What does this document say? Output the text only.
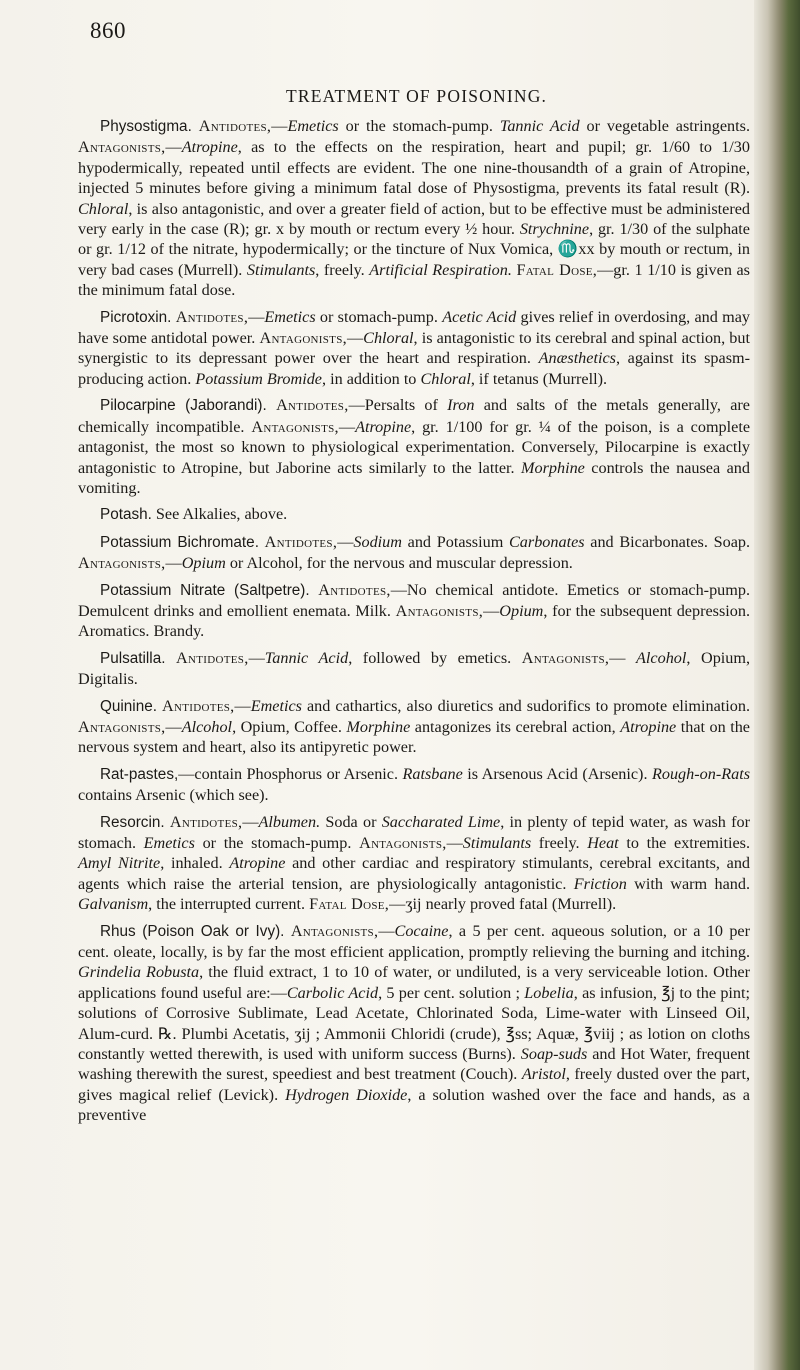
860
TREATMENT OF POISONING.

Physostigma. Antidotes,—Emetics or the stomach-pump. Tannic Acid or vegetable astringents. Antagonists,—Atropine, as to the effects on the respiration, heart and pupil; gr. 1/60 to 1/30 hypodermically, repeated until effects are evident. The one nine-thousandth of a grain of Atropine, injected 5 minutes before giving a minimum fatal dose of Physostigma, prevents its fatal result (R). Chloral, is also antagonistic, and over a greater field of action, but to be effective must be administered very early in the case (R); gr. x by mouth or rectum every ½ hour. Strychnine, gr. 1/30 of the sulphate or gr. 1/12 of the nitrate, hypodermically; or the tincture of Nux Vomica, ♏xx by mouth or rectum, in very bad cases (Murrell). Stimulants, freely. Artificial Respiration. Fatal Dose,—gr. 1 1/10 is given as the minimum fatal dose.

Picrotoxin. Antidotes,—Emetics or stomach-pump. Acetic Acid gives relief in overdosing, and may have some antidotal power. Antagonists,—Chloral, is antagonistic to its cerebral and spinal action, but synergistic to its depressant power over the heart and respiration. Anæsthetics, against its spasm-producing action. Potassium Bromide, in addition to Chloral, if tetanus (Murrell).

Pilocarpine (Jaborandi). Antidotes,—Persalts of Iron and salts of the metals generally, are chemically incompatible. Antagonists,—Atropine, gr. 1/100 for gr. ¼ of the poison, is a complete antagonist, the most so known to physiological experimentation. Conversely, Pilocarpine is exactly antagonistic to Atropine, but Jaborine acts similarly to the latter. Morphine controls the nausea and vomiting.

Potash. See Alkalies, above.

Potassium Bichromate. Antidotes,—Sodium and Potassium Carbonates and Bicarbonates. Soap. Antagonists,—Opium or Alcohol, for the nervous and muscular depression.

Potassium Nitrate (Saltpetre). Antidotes,—No chemical antidote. Emetics or stomach-pump. Demulcent drinks and emollient enemata. Milk. Antagonists,—Opium, for the subsequent depression. Aromatics. Brandy.

Pulsatilla. Antidotes,—Tannic Acid, followed by emetics. Antagonists,— Alcohol, Opium, Digitalis.

Quinine. Antidotes,—Emetics and cathartics, also diuretics and sudorifics to promote elimination. Antagonists,—Alcohol, Opium, Coffee. Morphine antagonizes its cerebral action, Atropine that on the nervous system and heart, also its antipyretic power.

Rat-pastes,—contain Phosphorus or Arsenic. Ratsbane is Arsenous Acid (Arsenic). Rough-on-Rats contains Arsenic (which see).

Resorcin. Antidotes,—Albumen. Soda or Saccharated Lime, in plenty of tepid water, as wash for stomach. Emetics or the stomach-pump. Antagonists,—Stimulants freely. Heat to the extremities. Amyl Nitrite, inhaled. Atropine and other cardiac and respiratory stimulants, cerebral excitants, and agents which raise the arterial tension, are physiologically antagonistic. Friction with warm hand. Galvanism, the interrupted current. Fatal Dose,—ʒij nearly proved fatal (Murrell).

Rhus (Poison Oak or Ivy). Antagonists,—Cocaine, a 5 per cent. aqueous solution, or a 10 per cent. oleate, locally, is by far the most efficient application, promptly relieving the burning and itching. Grindelia Robusta, the fluid extract, 1 to 10 of water, or undiluted, is a very serviceable lotion. Other applications found useful are:—Carbolic Acid, 5 per cent. solution ; Lobelia, as infusion, ℥j to the pint; solutions of Corrosive Sublimate, Lead Acetate, Chlorinated Soda, Lime-water with Linseed Oil, Alum-curd. ℞. Plumbi Acetatis, ʒij ; Ammonii Chloridi (crude), ℥ss; Aquæ, ℥viij ; as lotion on cloths constantly wetted therewith, is used with uniform success (Burns). Soap-suds and Hot Water, frequent washing therewith the surest, speediest and best treatment (Couch). Aristol, freely dusted over the part, gives magical relief (Levick). Hydrogen Dioxide, a solution washed over the face and hands, as a preventive
